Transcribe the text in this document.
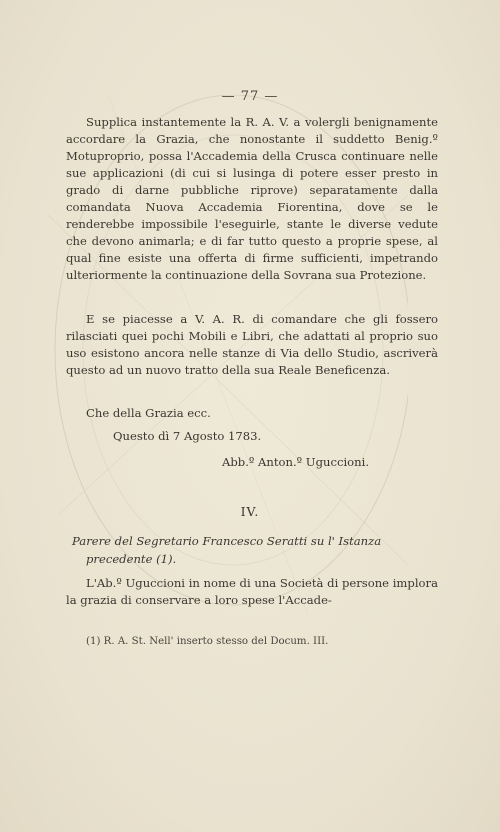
— 77 —
Supplica instantemente la R. A. V. a volergli benignamente accordare la Grazia, che nonostante il suddetto Benig.º Motuproprio, possa l'Accademia della Crusca continuare nelle sue applicazioni (di cui si lusinga di potere esser presto in grado di darne pubbliche riprove) separatamente dalla comandata Nuova Accademia Fiorentina, dove se le renderebbe impossibile l'eseguirle, stante le diverse vedute che devono animarla; e di far tutto questo a proprie spese, al qual fine esiste una offerta di firme sufficienti, impetrando ulteriormente la continuazione della Sovrana sua Protezione.
E se piacesse a V. A. R. di comandare che gli fossero rilasciati quei pochi Mobili e Libri, che adattati al proprio suo uso esistono ancora nelle stanze di Via dello Studio, ascriverà questo ad un nuovo tratto della sua Reale Beneficenza.
Che della Grazia ecc.
Questo dì 7 Agosto 1783.
Abb.º Anton.º Uguccioni.
IV.
Parere del Segretario Francesco Seratti su l' Istanza
precedente (1).
L'Ab.º Uguccioni in nome di una Società di persone implora la grazia di conservare a loro spese l'Accade-
(1) R. A. St. Nell' inserto stesso del Docum. III.
